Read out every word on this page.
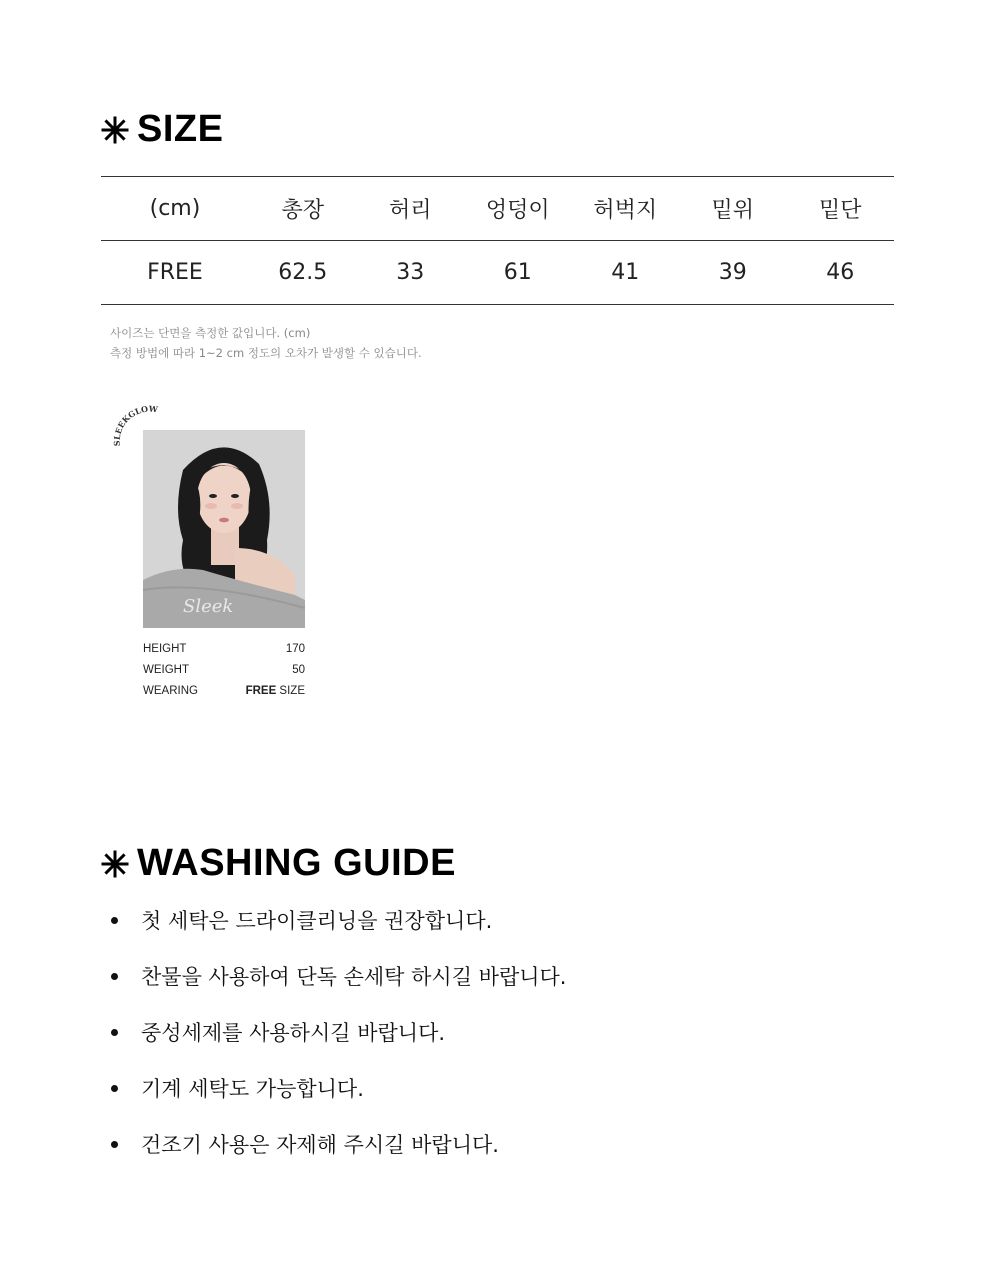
SIZE
(cm)	총장	허리	엉덩이	허벅지	밑위	밑단
FREE	62.5	33	61	41	39	46
사이즈는 단면을 측정한 값입니다. (cm)
측정 방법에 따라 1~2 cm 정도의 오차가 발생할 수 있습니다.
SLEEKGLOW
Sleek
HEIGHT	170
WEIGHT	50
WEARING	FREE SIZE
WASHING GUIDE
첫 세탁은 드라이클리닝을 권장합니다.
찬물을 사용하여 단독 손세탁 하시길 바랍니다.
중성세제를 사용하시길 바랍니다.
기계 세탁도 가능합니다.
건조기 사용은 자제해 주시길 바랍니다.
